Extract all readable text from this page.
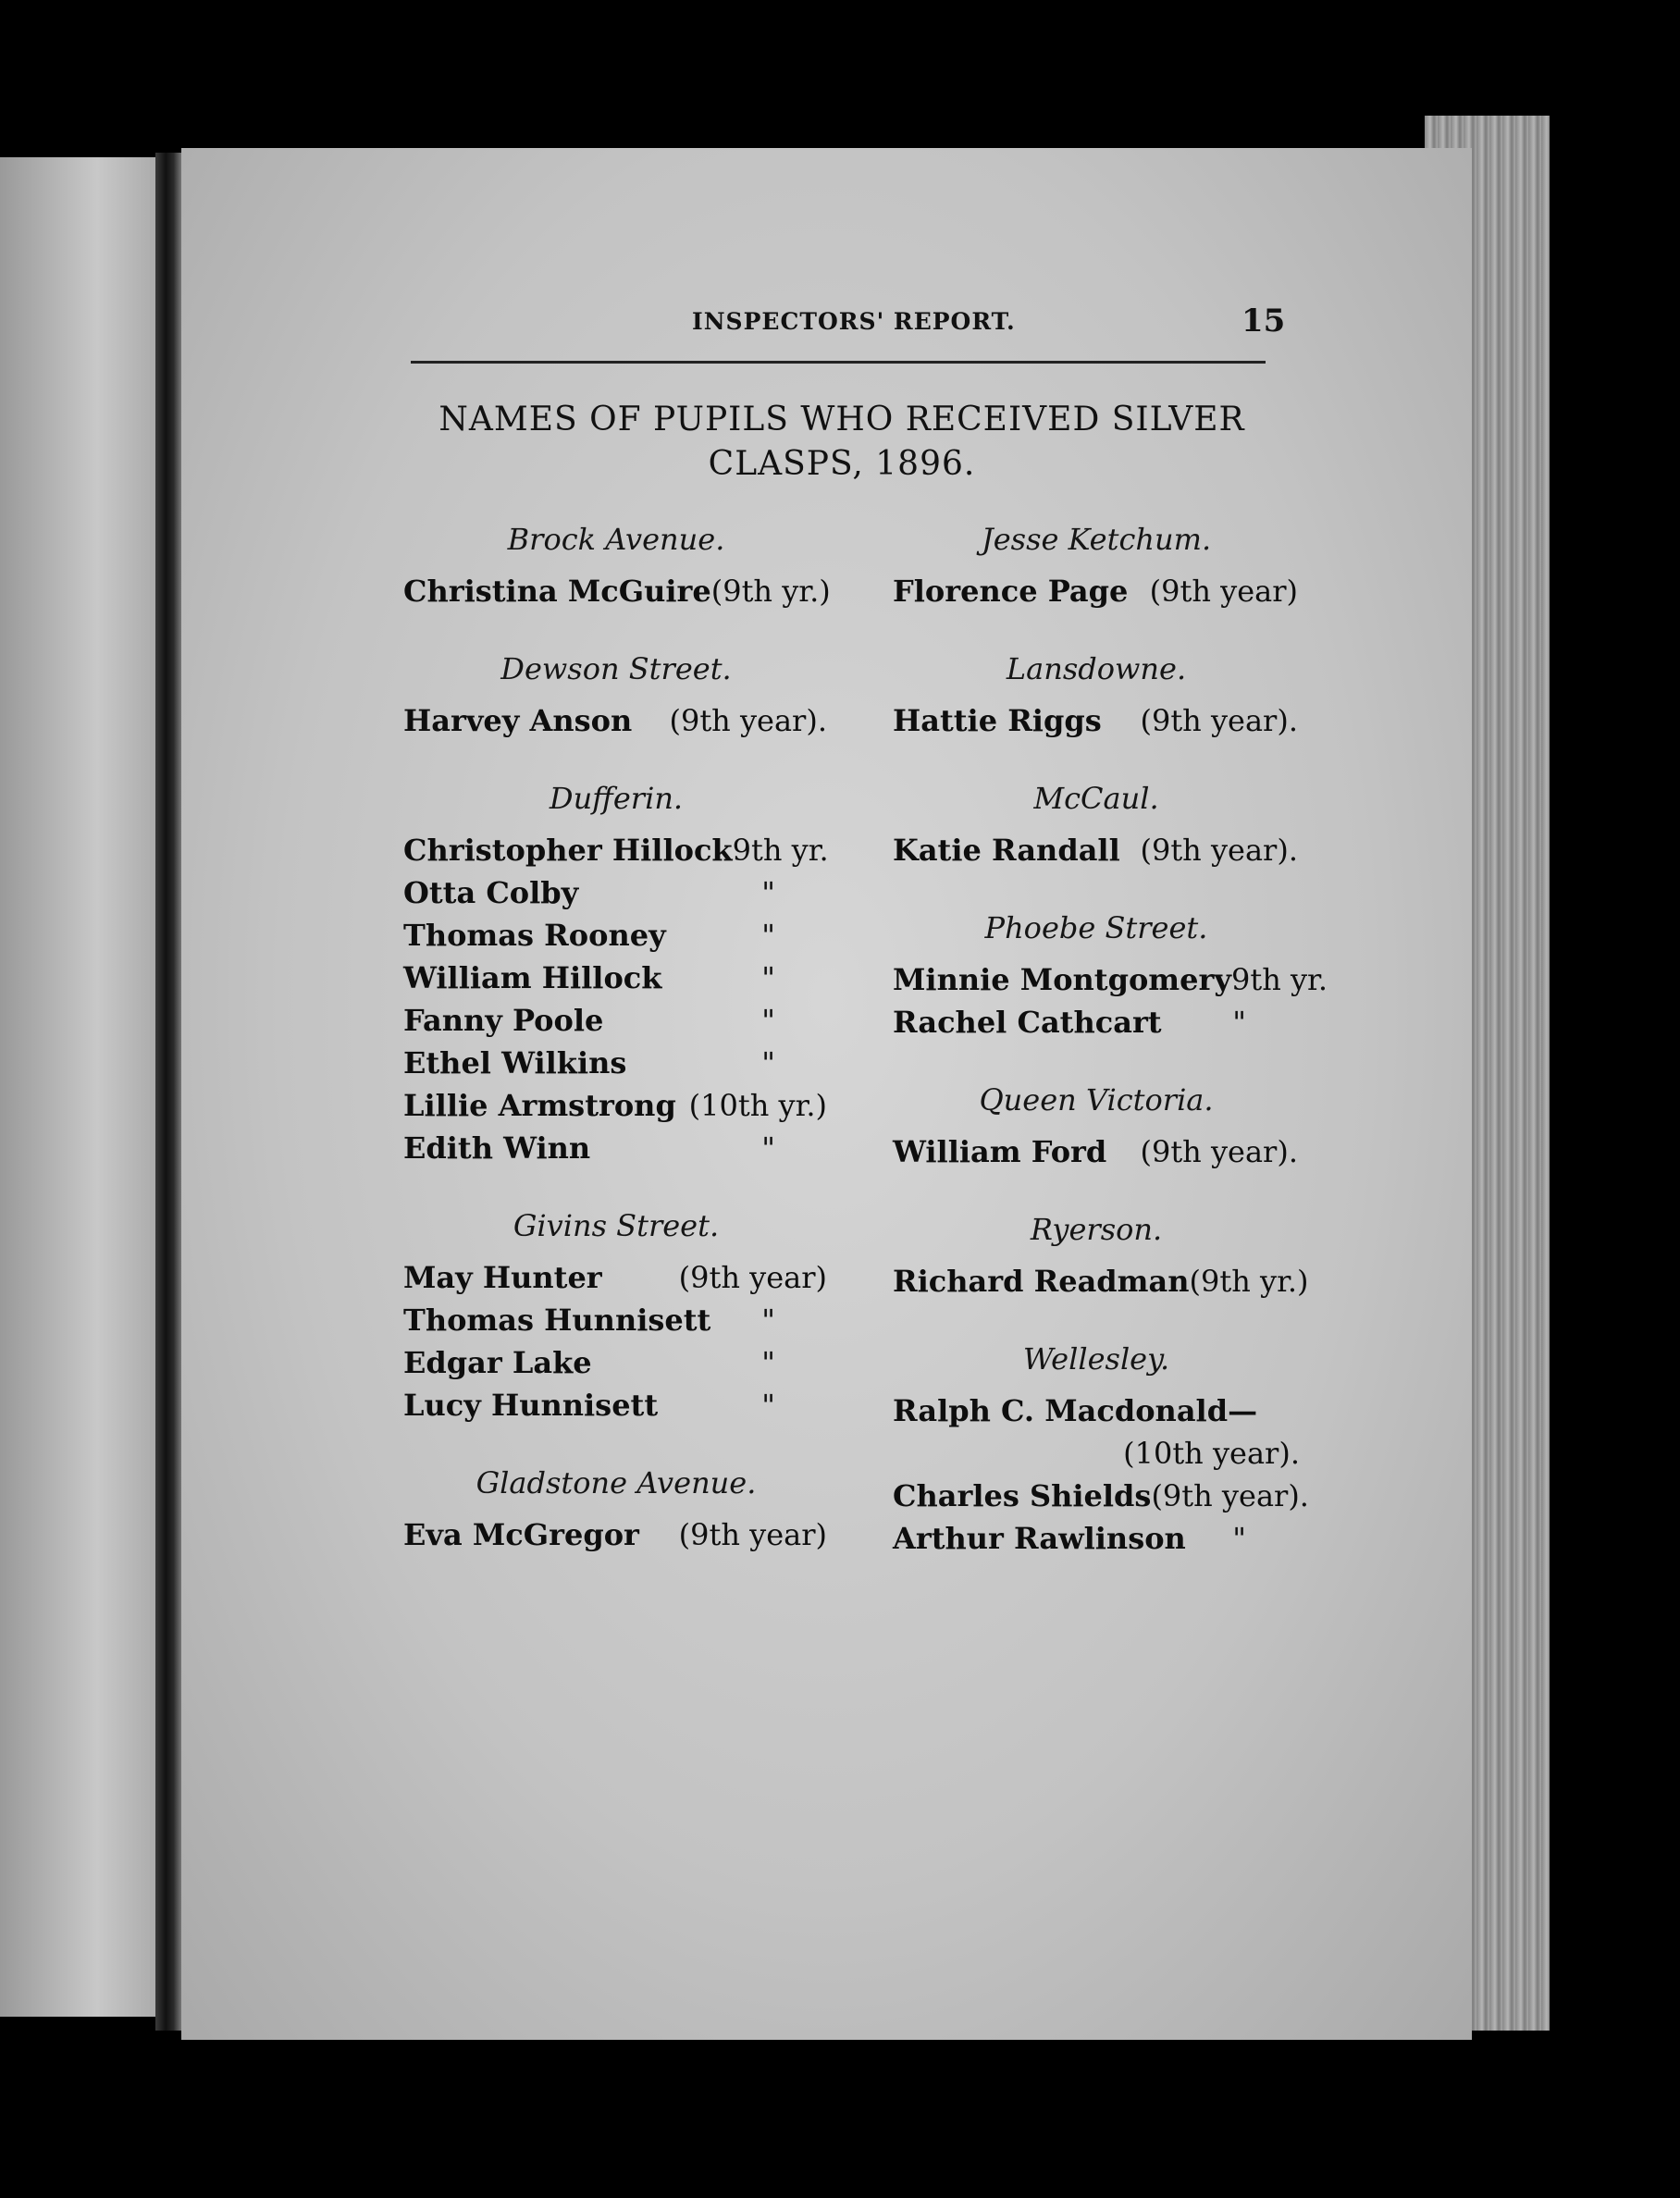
INSPECTORS' REPORT.	15
NAMES OF PUPILS WHO RECEIVED SILVER
CLASPS, 1896.
Brock Avenue.
Christina McGuire (9th yr.)
Dewson Street.
Harvey Anson (9th year).
Dufferin.
Christopher Hillock 9th yr.
Otta Colby	"
Thomas Rooney	"
William Hillock	"
Fanny Poole	"
Ethel Wilkins	"
Lillie Armstrong (10th yr.)
Edith Winn	"
Givins Street.
May Hunter	(9th year)
Thomas Hunnisett "
Edgar Lake	"
Lucy Hunnisett	"
Gladstone Avenue.
Eva McGregor (9th year)
Jesse Ketchum.
Florence Page (9th year)
Lansdowne.
Hattie Riggs (9th year).
McCaul.
Katie Randall (9th year).
Phoebe Street.
Minnie Montgomery 9th yr.
Rachel Cathcart "
Queen Victoria.
William Ford (9th year).
Ryerson.
Richard Readman (9th yr.)
Wellesley.
Ralph C. Macdonald—
(10th year).
Charles Shields (9th year).
Arthur Rawlinson "
